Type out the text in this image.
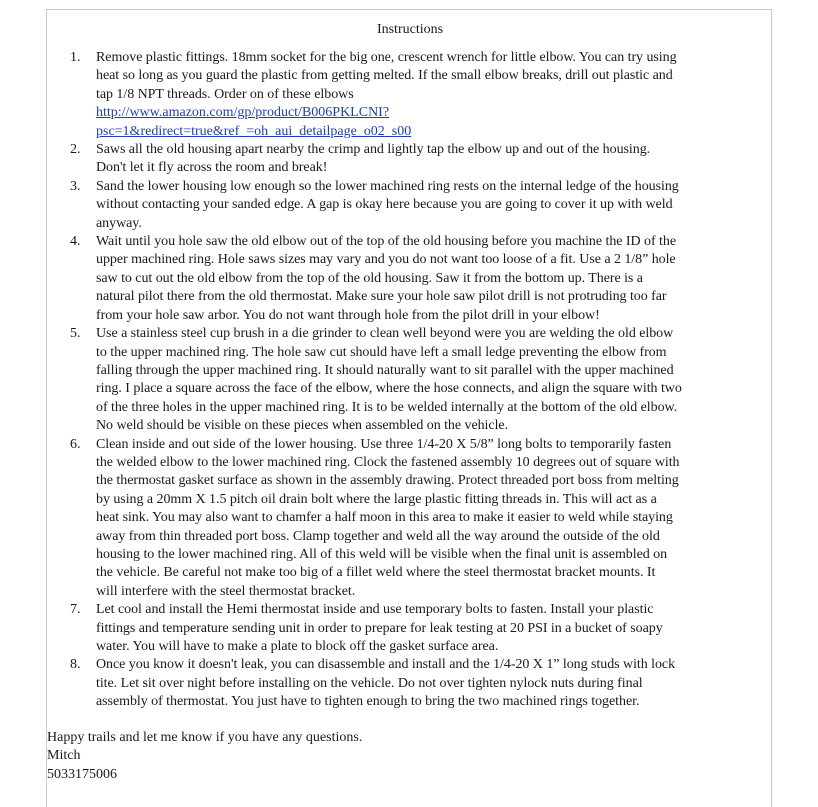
Instructions
1. Remove plastic fittings. 18mm socket for the big one, crescent wrench for little elbow. You can try using
heat so long as you guard the plastic from getting melted. If the small elbow breaks, drill out plastic and
tap 1/8 NPT threads. Order on of these elbows
http://www.amazon.com/gp/product/B006PKLCNI?
psc=1&redirect=true&ref_=oh_aui_detailpage_o02_s00
2. Saws all the old housing apart nearby the crimp and lightly tap the elbow up and out of the housing.
Don't let it fly across the room and break!
3. Sand the lower housing low enough so the lower machined ring rests on the internal ledge of the housing
without contacting your sanded edge. A gap is okay here because you are going to cover it up with weld
anyway.
4. Wait until you hole saw the old elbow out of the top of the old housing before you machine the ID of the
upper machined ring. Hole saws sizes may vary and you do not want too loose of a fit. Use a 2 1/8” hole
saw to cut out the old elbow from the top of the old housing. Saw it from the bottom up. There is a
natural pilot there from the old thermostat. Make sure your hole saw pilot drill is not protruding too far
from your hole saw arbor. You do not want through hole from the pilot drill in your elbow!
5. Use a stainless steel cup brush in a die grinder to clean well beyond were you are welding the old elbow
to the upper machined ring. The hole saw cut should have left a small ledge preventing the elbow from
falling through the upper machined ring. It should naturally want to sit parallel with the upper machined
ring. I place a square across the face of the elbow, where the hose connects, and align the square with two
of the three holes in the upper machined ring. It is to be welded internally at the bottom of the old elbow.
No weld should be visible on these pieces when assembled on the vehicle.
6. Clean inside and out side of the lower housing. Use three 1/4-20 X 5/8” long bolts to temporarily fasten
the welded elbow to the lower machined ring. Clock the fastened assembly 10 degrees out of square with
the thermostat gasket surface as shown in the assembly drawing. Protect threaded port boss from melting
by using a 20mm X 1.5 pitch oil drain bolt where the large plastic fitting threads in. This will act as a
heat sink. You may also want to chamfer a half moon in this area to make it easier to weld while staying
away from thin threaded port boss. Clamp together and weld all the way around the outside of the old
housing to the lower machined ring. All of this weld will be visible when the final unit is assembled on
the vehicle. Be careful not make too big of a fillet weld where the steel thermostat bracket mounts. It
will interfere with the steel thermostat bracket.
7. Let cool and install the Hemi thermostat inside and use temporary bolts to fasten. Install your plastic
fittings and temperature sending unit in order to prepare for leak testing at 20 PSI in a bucket of soapy
water. You will have to make a plate to block off the gasket surface area.
8. Once you know it doesn't leak, you can disassemble and install and the 1/4-20 X 1” long studs with lock
tite. Let sit over night before installing on the vehicle. Do not over tighten nylock nuts during final
assembly of thermostat. You just have to tighten enough to bring the two machined rings together.
Happy trails and let me know if you have any questions.
Mitch
5033175006
